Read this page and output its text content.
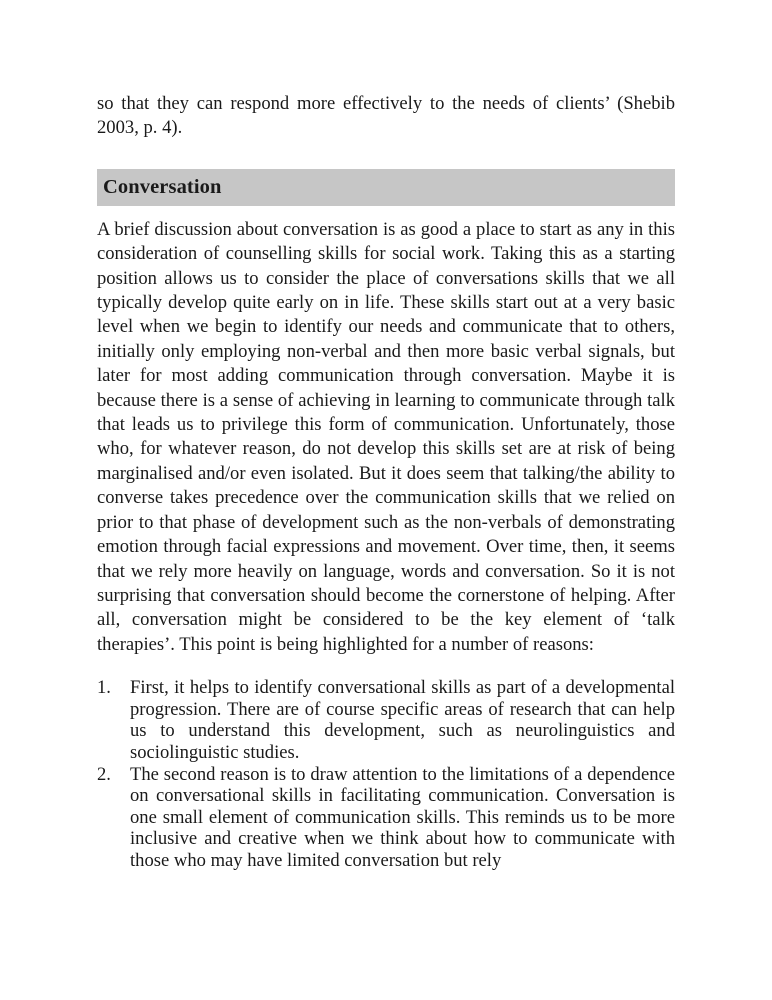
so that they can respond more effectively to the needs of clients’ (Shebib 2003, p. 4).

Conversation

A brief discussion about conversation is as good a place to start as any in this consideration of counselling skills for social work. Taking this as a starting position allows us to consider the place of conversations skills that we all typically develop quite early on in life. These skills start out at a very basic level when we begin to identify our needs and communicate that to others, initially only employing non-verbal and then more basic verbal signals, but later for most adding communication through conversation. Maybe it is because there is a sense of achieving in learning to communicate through talk that leads us to privilege this form of communication. Unfortunately, those who, for whatever reason, do not develop this skills set are at risk of being marginalised and/or even isolated. But it does seem that talking/the ability to converse takes precedence over the communication skills that we relied on prior to that phase of development such as the non-verbals of demonstrating emotion through facial expressions and movement. Over time, then, it seems that we rely more heavily on language, words and conversation. So it is not surprising that conversation should become the cornerstone of helping. After all, conversation might be considered to be the key element of ‘talk therapies’. This point is being highlighted for a number of reasons:

1.	First, it helps to identify conversational skills as part of a developmental progression. There are of course specific areas of research that can help us to understand this development, such as neurolinguistics and sociolinguistic studies.
2.	The second reason is to draw attention to the limitations of a dependence on conversational skills in facilitating communication. Conversation is one small element of communication skills. This reminds us to be more inclusive and creative when we think about how to communicate with those who may have limited conversation but rely
